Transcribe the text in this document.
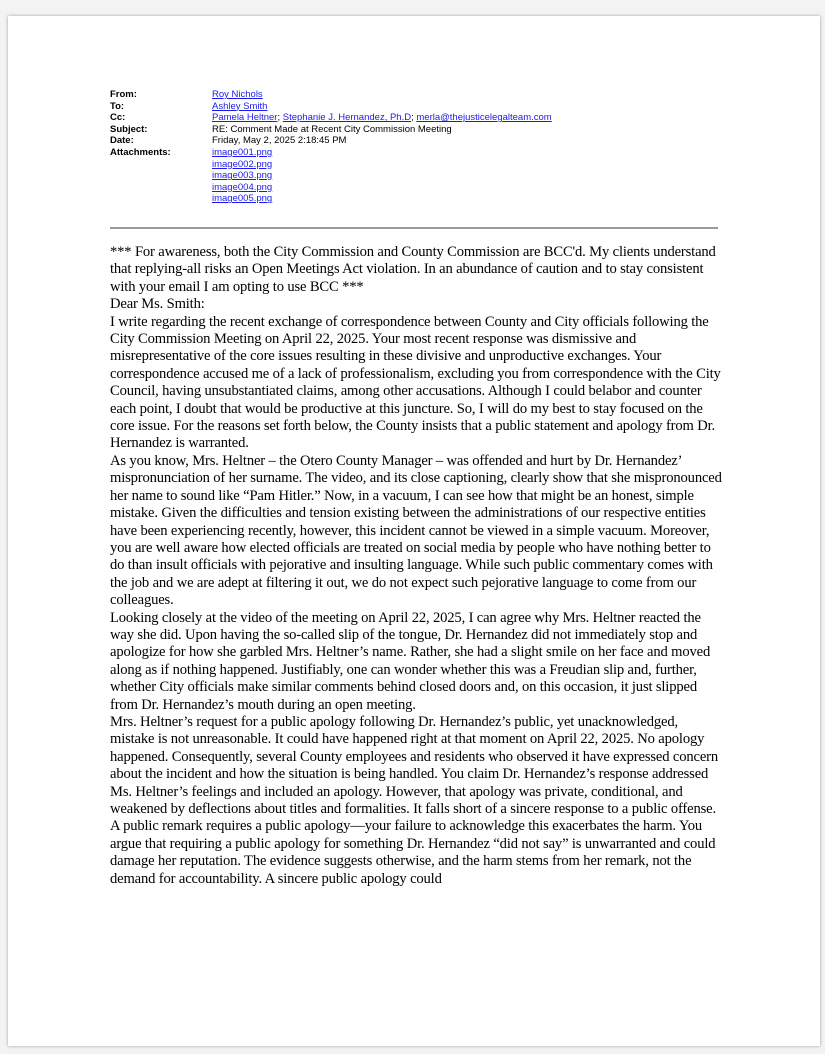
From:	Roy Nichols
To:	Ashley Smith
Cc:	Pamela Heltner; Stephanie J. Hernandez, Ph.D; merla@thejusticelegalteam.com
Subject:	RE: Comment Made at Recent City Commission Meeting
Date:	Friday, May 2, 2025 2:18:45 PM
Attachments:	image001.png
image002.png
image003.png
image004.png
image005.png

*** For awareness, both the City Commission and County Commission are BCC'd. My clients understand that replying-all risks an Open Meetings Act violation. In an abundance of caution and to stay consistent with your email I am opting to use BCC ***

Dear Ms. Smith:

I write regarding the recent exchange of correspondence between County and City officials following the City Commission Meeting on April 22, 2025. Your most recent response was dismissive and misrepresentative of the core issues resulting in these divisive and unproductive exchanges. Your correspondence accused me of a lack of professionalism, excluding you from correspondence with the City Council, having unsubstantiated claims, among other accusations. Although I could belabor and counter each point, I doubt that would be productive at this juncture. So, I will do my best to stay focused on the core issue. For the reasons set forth below, the County insists that a public statement and apology from Dr. Hernandez is warranted.

As you know, Mrs. Heltner – the Otero County Manager – was offended and hurt by Dr. Hernandez’ mispronunciation of her surname. The video, and its close captioning, clearly show that she mispronounced her name to sound like “Pam Hitler.” Now, in a vacuum, I can see how that might be an honest, simple mistake. Given the difficulties and tension existing between the administrations of our respective entities have been experiencing recently, however, this incident cannot be viewed in a simple vacuum. Moreover, you are well aware how elected officials are treated on social media by people who have nothing better to do than insult officials with pejorative and insulting language. While such public commentary comes with the job and we are adept at filtering it out, we do not expect such pejorative language to come from our colleagues.

Looking closely at the video of the meeting on April 22, 2025, I can agree why Mrs. Heltner reacted the way she did. Upon having the so-called slip of the tongue, Dr. Hernandez did not immediately stop and apologize for how she garbled Mrs. Heltner’s name. Rather, she had a slight smile on her face and moved along as if nothing happened. Justifiably, one can wonder whether this was a Freudian slip and, further, whether City officials make similar comments behind closed doors and, on this occasion, it just slipped from Dr. Hernandez’s mouth during an open meeting.

Mrs. Heltner’s request for a public apology following Dr. Hernandez’s public, yet unacknowledged, mistake is not unreasonable. It could have happened right at that moment on April 22, 2025. No apology happened. Consequently, several County employees and residents who observed it have expressed concern about the incident and how the situation is being handled. You claim Dr. Hernandez’s response addressed Ms. Heltner’s feelings and included an apology. However, that apology was private, conditional, and weakened by deflections about titles and formalities. It falls short of a sincere response to a public offense. A public remark requires a public apology—your failure to acknowledge this exacerbates the harm. You argue that requiring a public apology for something Dr. Hernandez “did not say” is unwarranted and could damage her reputation. The evidence suggests otherwise, and the harm stems from her remark, not the demand for accountability. A sincere public apology could
